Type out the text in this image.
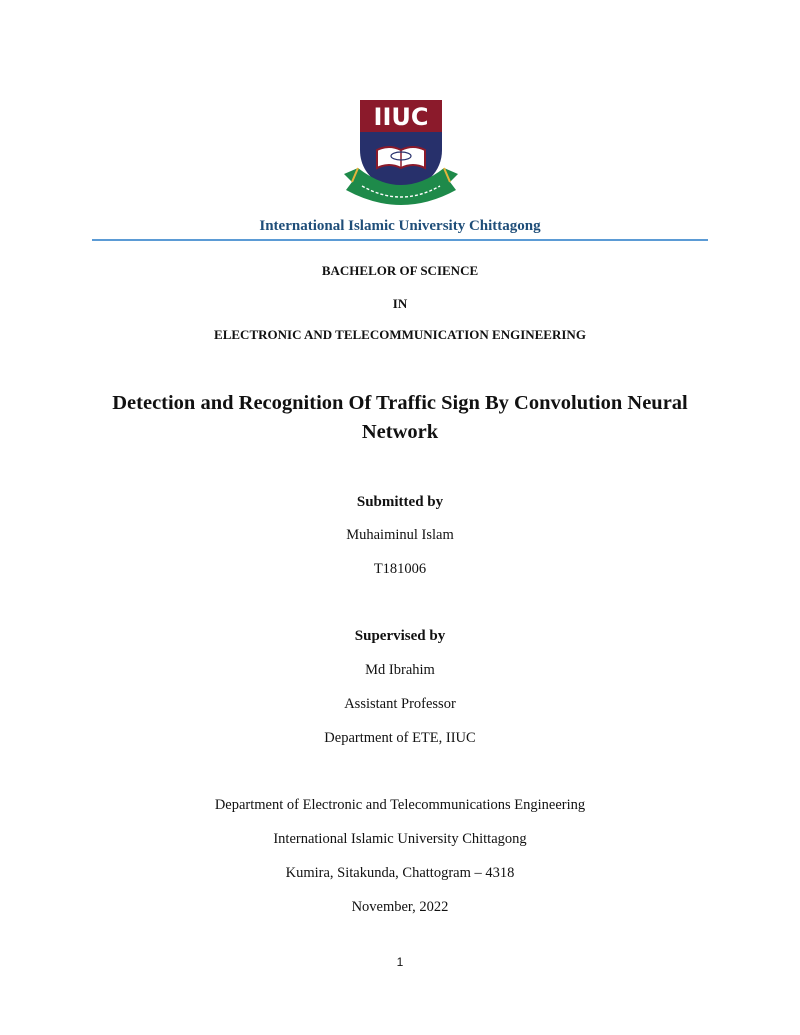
IIUC
International Islamic University Chittagong
BACHELOR OF SCIENCE
IN
ELECTRONIC AND TELECOMMUNICATION ENGINEERING
Detection and Recognition Of Traffic Sign By Convolution Neural
Network
Submitted by
Muhaiminul Islam
T181006
Supervised by
Md Ibrahim
Assistant Professor
Department of ETE, IIUC
Department of Electronic and Telecommunications Engineering
International Islamic University Chittagong
Kumira, Sitakunda, Chattogram – 4318
November, 2022
1
